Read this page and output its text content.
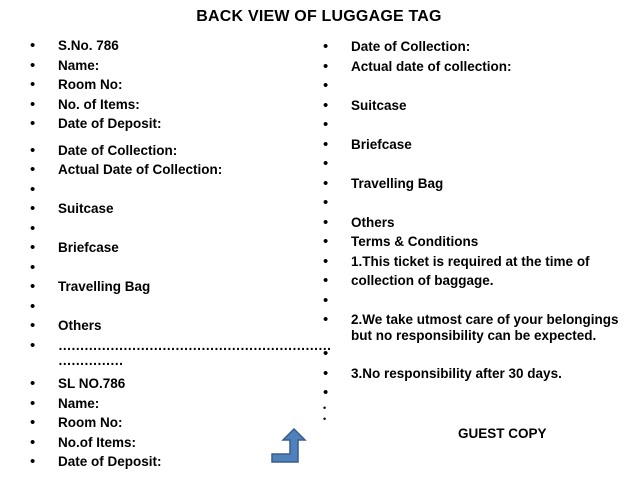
BACK VIEW OF LUGGAGE TAG
• S.No. 786
• Name:
• Room No:
• No. of Items:
• Date of Deposit:
• Date of Collection:
• Actual Date of Collection:
•
• Suitcase
•
• Briefcase
•
• Travelling Bag
•
• Others
• ………………………………………………………
……………
• SL NO.786
• Name:
• Room No:
• No.of Items:
• Date of Deposit:
• Date of Collection:
• Actual date of collection:
•
• Suitcase
•
• Briefcase
•
• Travelling Bag
•
• Others
• Terms & Conditions
• 1.This ticket is required at the time of
• collection of baggage.
•
• 2.We take utmost care of your belongings but no responsibility can be expected.
•
• 3.No responsibility after 30 days.
•
•
•
GUEST COPY
